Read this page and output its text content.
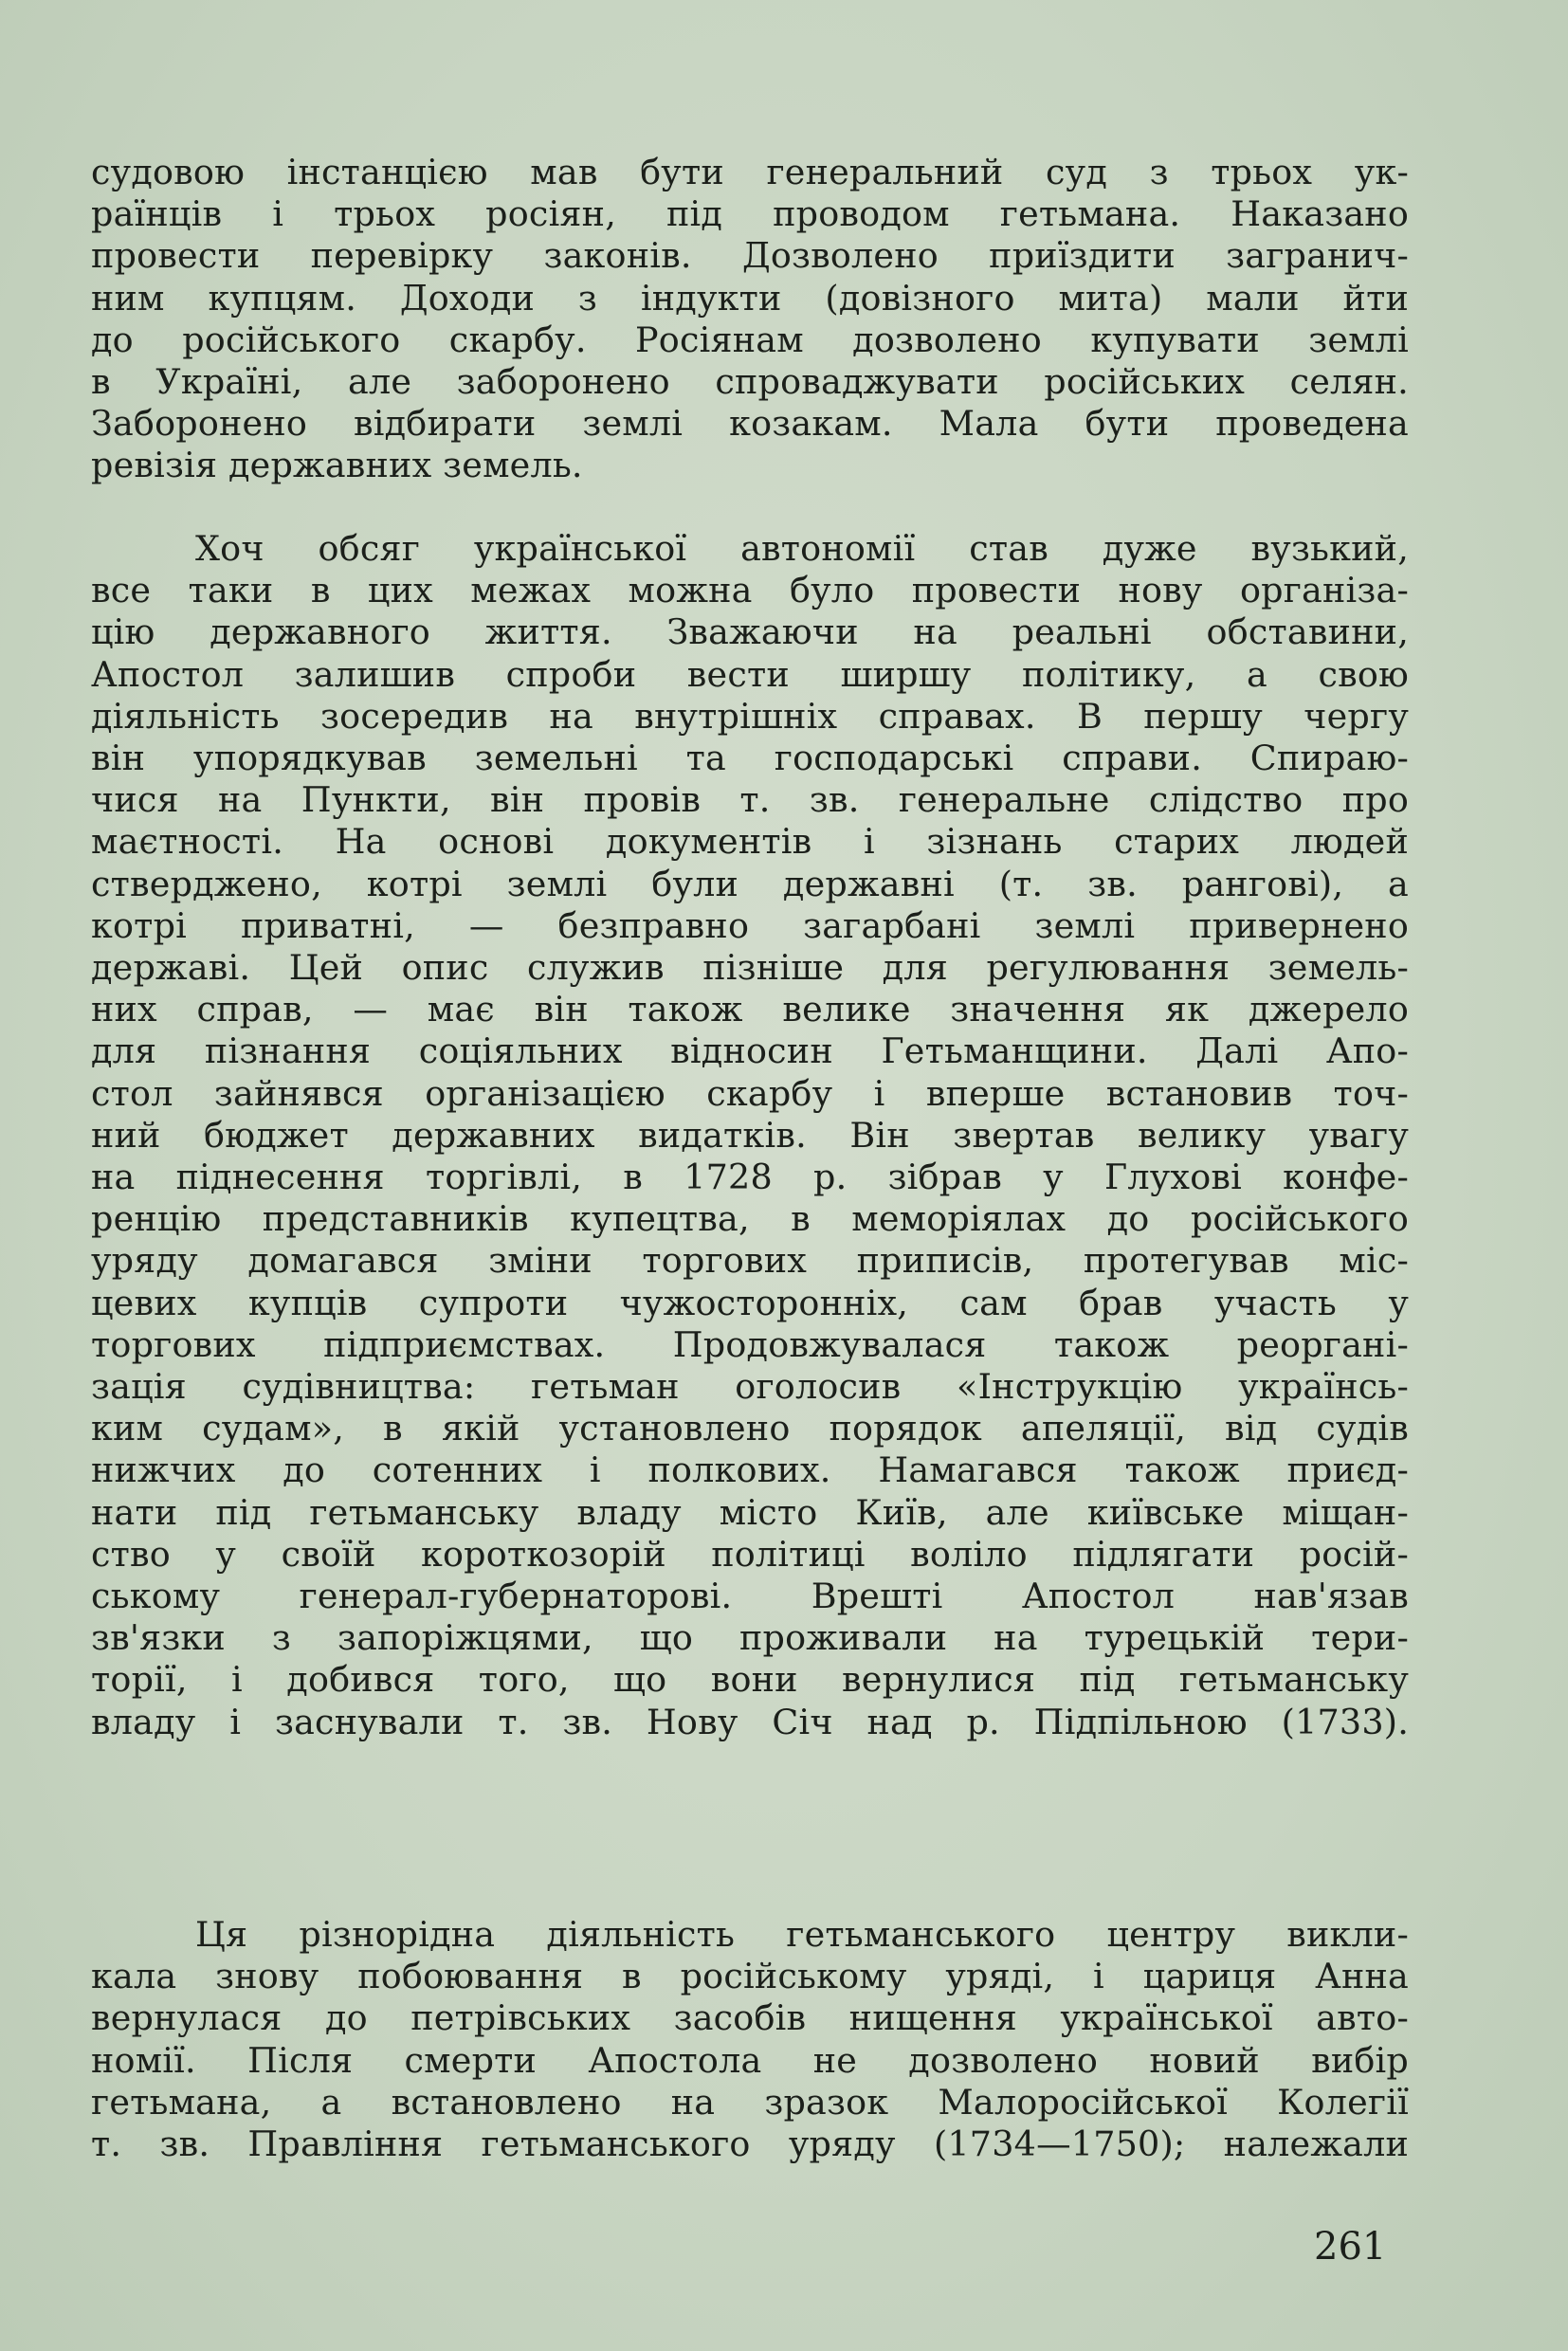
судовою інстанцією мав бути генеральний суд з трьох ук-
раїнців і трьох росіян, під проводом гетьмана. Наказано
провести перевірку законів. Дозволено приїздити загранич-
ним купцям. Доходи з індукти (довізного мита) мали йти
до російського скарбу. Росіянам дозволено купувати землі
в Україні, але заборонено спроваджувати російських селян.
Заборонено відбирати землі козакам. Мала бути проведена
ревізія державних земель.
Хоч обсяг української автономії став дуже вузький,
все таки в цих межах можна було провести нову організа-
цію державного життя. Зважаючи на реальні обставини,
Апостол залишив спроби вести ширшу політику, а свою
діяльність зосередив на внутрішніх справах. В першу чергу
він упорядкував земельні та господарські справи. Спираю-
чися на Пункти, він провів т. зв. генеральне слідство про
маєтності. На основі документів і зізнань старих людей
стверджено, котрі землі були державні (т. зв. рангові), а
котрі приватні, — безправно загарбані землі привернено
державі. Цей опис служив пізніше для регулювання земель-
них справ, — має він також велике значення як джерело
для пізнання соціяльних відносин Гетьманщини. Далі Апо-
стол зайнявся організацією скарбу і вперше встановив точ-
ний бюджет державних видатків. Він звертав велику увагу
на піднесення торгівлі, в 1728 р. зібрав у Глухові конфе-
ренцію представників купецтва, в меморіялах до російського
уряду домагався зміни торгових приписів, протегував міс-
цевих купців супроти чужосторонніх, сам брав участь у
торгових підприємствах. Продовжувалася також реоргані-
зація судівництва: гетьман оголосив «Інструкцію українсь-
ким судам», в якій установлено порядок апеляції, від судів
нижчих до сотенних і полкових. Намагався також приєд-
нати під гетьманську владу місто Київ, але київське міщан-
ство у своїй короткозорій політиці воліло підлягати росій-
ському генерал-губернаторові. Врешті Апостол нав'язав
зв'язки з запоріжцями, що проживали на турецькій тери-
торії, і добився того, що вони вернулися під гетьманську
владу і заснували т. зв. Нову Січ над р. Підпільною (1733).
Ця різнорідна діяльність гетьманського центру викли-
кала знову побоювання в російському уряді, і цариця Анна
вернулася до петрівських засобів нищення української авто-
номії. Після смерти Апостола не дозволено новий вибір
гетьмана, а встановлено на зразок Малоросійської Колегії
т. зв. Правління гетьманського уряду (1734—1750); належали
261
